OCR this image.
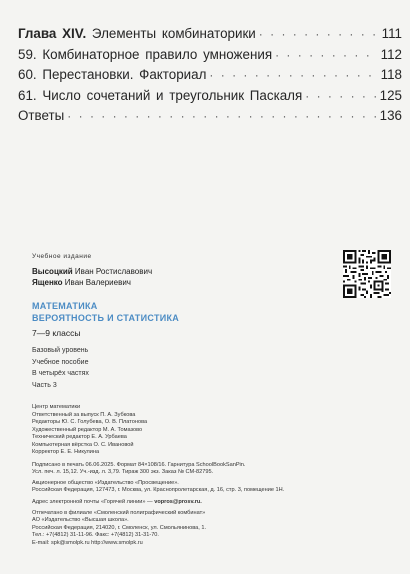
Глава XIV. Элементы комбинаторики · · ·	111
59. Комбинаторное правило умножения · · ·	112
60. Перестановки. Факториал · · ·	118
61. Число сочетаний и треугольник Паскаля · · ·	125
Ответы · · ·	136
Учебное издание
Высоцкий Иван Ростиславович
Ященко Иван Валериевич
МАТЕМАТИКА
ВЕРОЯТНОСТЬ И СТАТИСТИКА
7—9 классы
Базовый уровень
Учебное пособие
В четырёх частях
Часть 3
Центр математики
Ответственный за выпуск П. А. Зубкова
Редакторы Ю. С. Голубева, О. В. Платонова
Художественный редактор М. А. Томазово
Технический редактор Е. А. Урбаева
Компьютерная вёрстка О. С. Ивановой
Корректор Е. Е. Никулина
Подписано в печать 06.06.2025. Формат 84×108/16. Гарнитура SchoolBookSanPin.
Усл. печ. л. 15,12. Уч.-изд. л. 3,79. Тираж 300 экз. Заказ № СМ-82795.
Акционерное общество «Издательство «Просвещение».
Российская Федерация, 127473, г. Москва, ул. Краснопролетарская, д. 16, стр. 3, помещение 1Н.
Адрес электронной почты «Горячей линии» — vopros@prosv.ru.
Отпечатано в филиале «Смоленский полиграфический комбинат»
АО «Издательство «Высшая школа».
Российская Федерация, 214020, г. Смоленск, ул. Смольянинова, 1.
Тел.: +7(4812) 31-11-96. Факс: +7(4812) 31-31-70.
E-mail: spk@smolpk.ru http://www.smolpk.ru
